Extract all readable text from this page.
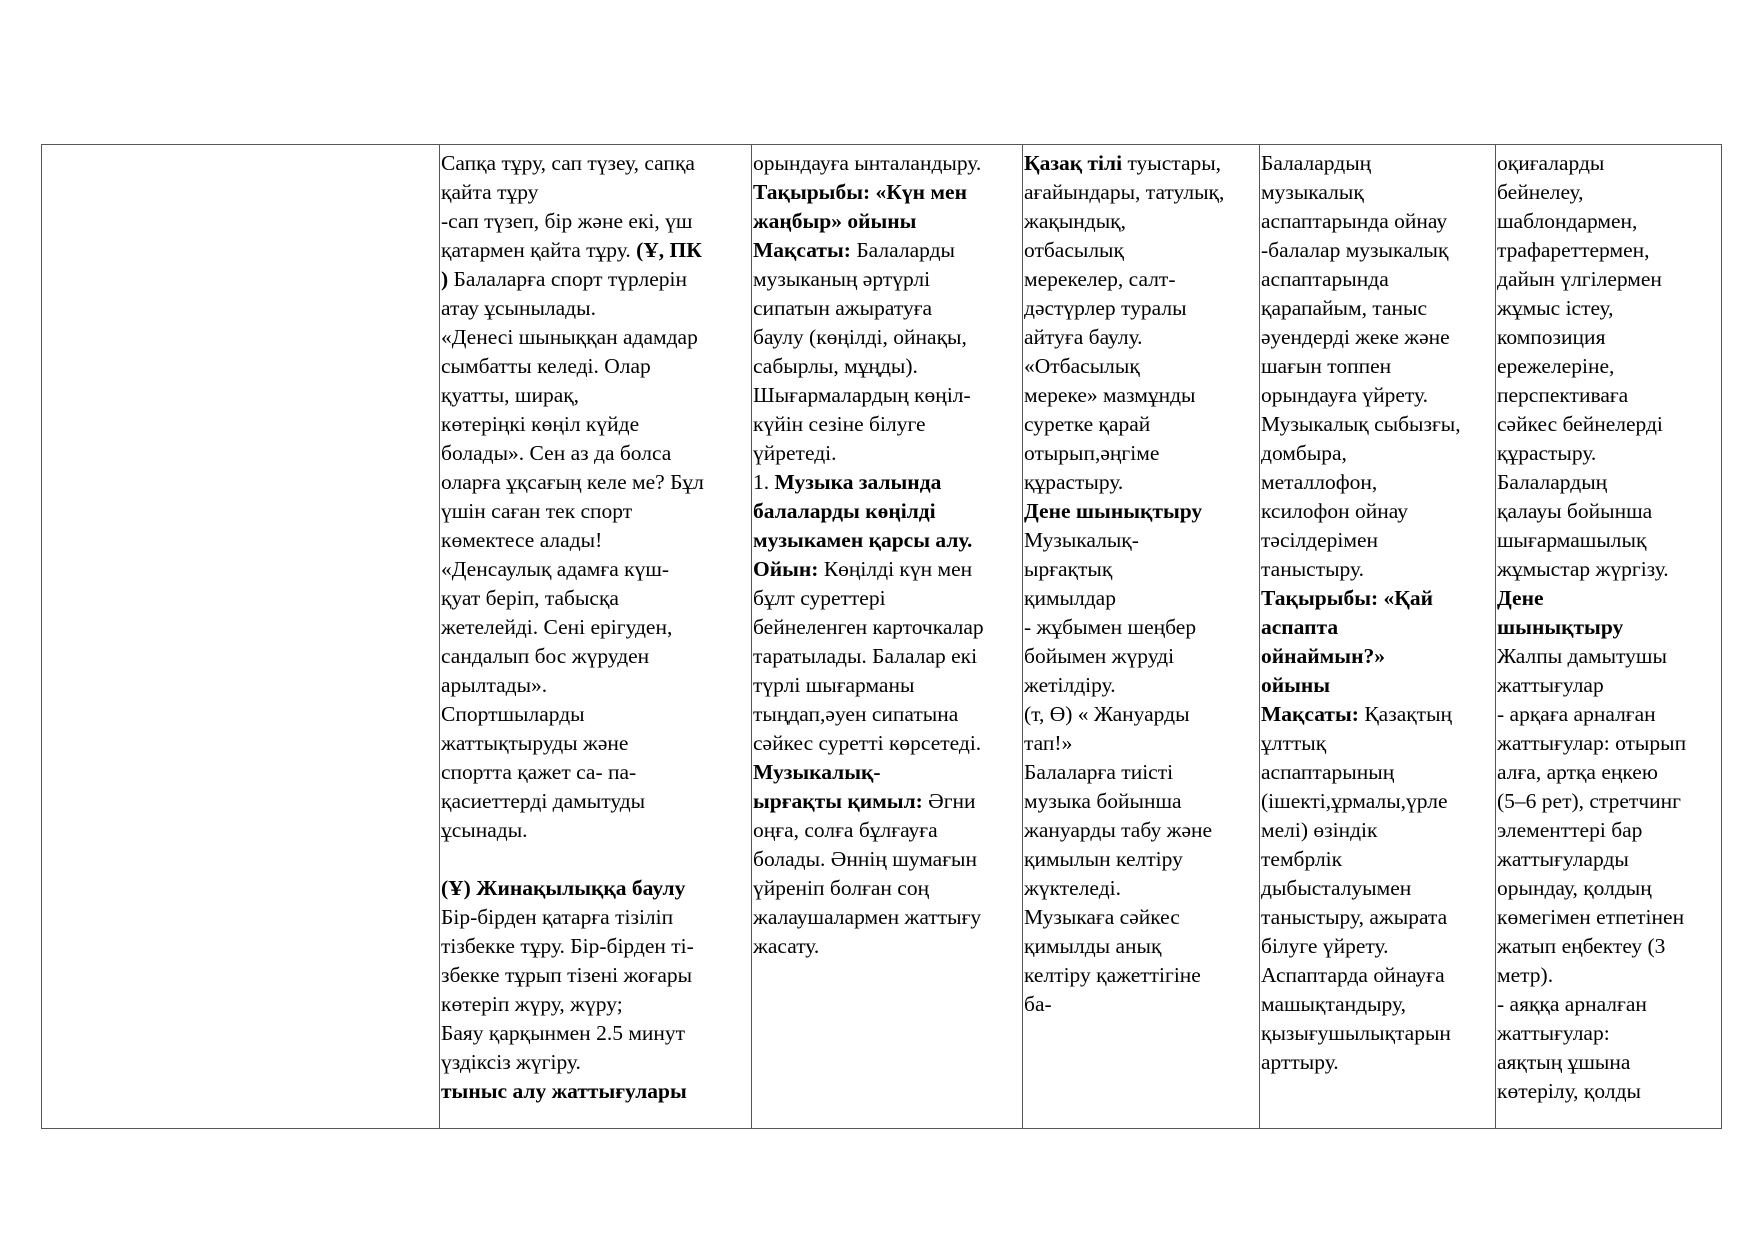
Сапқа тұру, сап түзеу, сапқа
қайта тұру
-сап түзеп, бір және екі, үш
қатармен қайта тұру. (Ұ, ПК
) Балаларға спорт түрлерін
атау ұсынылады.
«Денесі шыныққан адамдар
сымбатты келеді. Олар
қуатты, ширақ,
көтеріңкі көңіл күйде
болады». Сен аз да болса
оларға ұқсағың келе ме? Бұл
үшін саған тек спорт
көмектесе алады!
«Денсаулық адамға күш-
қуат беріп, табысқа
жетелейді. Сені ерігуден,
сандалып бос жүруден
арылтады».
Спортшыларды
жаттықтыруды және
спортта қажет са- па-
қасиеттерді дамытуды
ұсынады.
(Ұ) Жинақылыққа баулу
Бір-бірден қатарға тізіліп
тізбекке тұру. Бір-бірден ті-
збекке тұрып тізені жоғары
көтеріп жүру, жүру;
Баяу қарқынмен 2.5 минут
үздіксіз жүгіру.
тыныс алу жаттығулары

орындауға ынталандыру.
Тақырыбы: «Күн мен
жаңбыр» ойыны
Мақсаты: Балаларды
музыканың әртүрлі
сипатын ажыратуға
баулу (көңілді, ойнақы,
сабырлы, мұңды).
Шығармалардың көңіл-
күйін сезіне білуге
үйретеді.
1. Музыка залында
балаларды көңілді
музыкамен қарсы алу.
Ойын: Көңілді күн мен
бұлт суреттері
бейнеленген карточкалар
таратылады. Балалар екі
түрлі шығарманы
тыңдап,әуен сипатына
сәйкес суретті көрсетеді.
Музыкалық-
ырғақты қимыл: Әгни
оңға, солға бұлғауға
болады. Әннің шумағын
үйреніп болған соң
жалаушалармен жаттығу
жасату.

Қазақ тілі туыстары,
ағайындары, татулық,
жақындық,
отбасылық
мерекелер, салт-
дәстүрлер туралы
айтуға баулу.
«Отбасылық
мереке» мазмұнды
суретке қарай
отырып,әңгіме
құрастыру.
Дене шынықтыру
Музыкалық-
ырғақтық
қимылдар
- жұбымен шеңбер
бойымен жүруді
жетілдіру.
(т, Ө) « Жануарды
тап!»
Балаларға тиісті
музыка бойынша
жануарды табу және
қимылын келтіру
жүктеледі.
Музыкаға сәйкес
қимылды анық
келтіру қажеттігіне
ба-

Балалардың
музыкалық
аспаптарында ойнау
-балалар музыкалық
аспаптарында
қарапайым, таныс
әуендерді жеке және
шағын топпен
орындауға үйрету.
Музыкалық сыбызғы,
домбыра,
металлофон,
ксилофон ойнау
тәсілдерімен
таныстыру.
Тақырыбы: «Қай
аспапта
ойнаймын?»
ойыны
Мақсаты: Қазақтың
ұлттық
аспаптарының
(ішекті,ұрмалы,үрле
мелі) өзіндік
тембрлік
дыбысталуымен
таныстыру, ажырата
білуге үйрету.
Аспаптарда ойнауға
машықтандыру,
қызығушылықтарын
арттыру.

оқиғаларды
бейнелеу,
шаблондармен,
трафареттермен,
дайын үлгілермен
жұмыс істеу,
композиция
ережелеріне,
перспективаға
сәйкес бейнелерді
құрастыру.
Балалардың
қалауы бойынша
шығармашылық
жұмыстар жүргізу.
Дене
шынықтыру
Жалпы дамытушы
жаттығулар
- арқаға арналған
жаттығулар: отырып
алға, артқа еңкею
(5–6 рет), стретчинг
элементтері бар
жаттығуларды
орындау, қолдың
көмегімен етпетінен
жатып еңбектеу (3
метр).
- аяққа арналған
жаттығулар:
аяқтың ұшына
көтерілу, қолды
